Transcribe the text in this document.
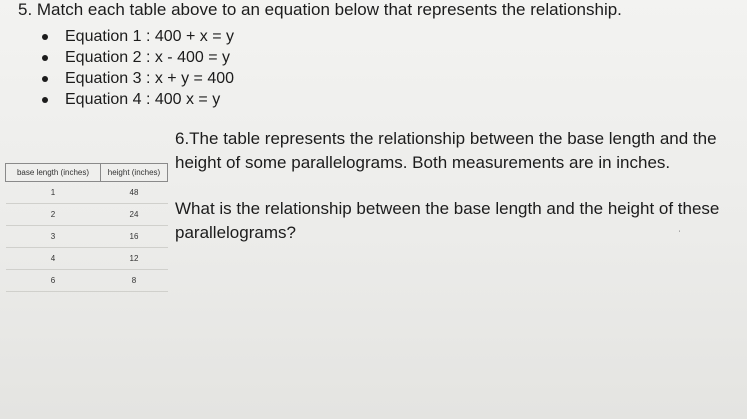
5. Match each table above to an equation below that represents the relationship.
Equation 1 : 400 + x = y
Equation 2 : x - 400 = y
Equation 3 : x + y = 400
Equation 4 : 400 x = y
6.The table represents the relationship between the base length and the
height of some parallelograms. Both measurements are in inches.
What is the relationship between the base length and the height of these
parallelograms?
base length (inches)	height (inches)
1	48
2	24
3	16
4	12
6	8
ˌ
